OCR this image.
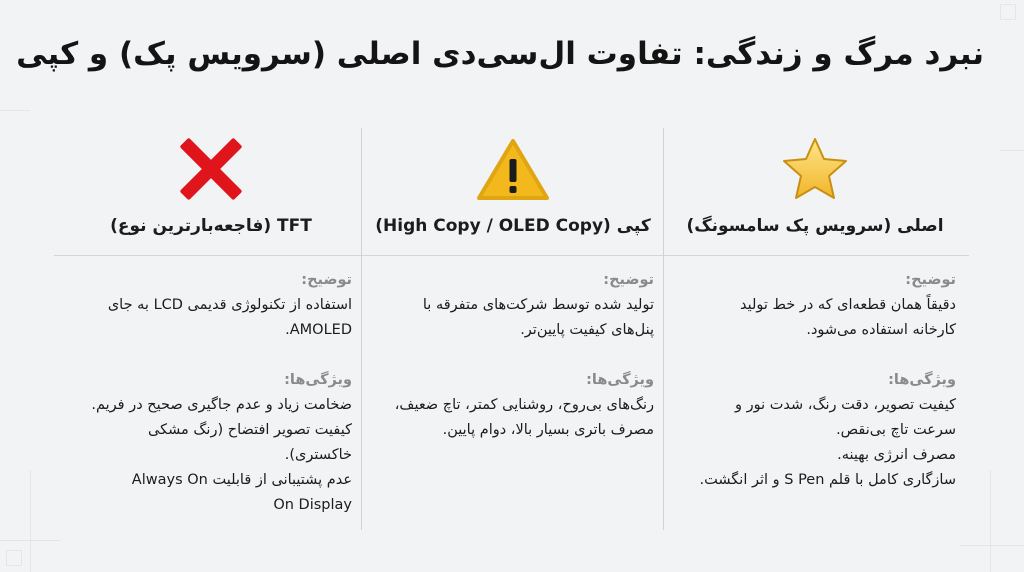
نبرد مرگ و زندگی: تفاوت ال‌سی‌دی اصلی (سرویس پک) و کپی
اصلی (سرویس پک سامسونگ)
توضیح:
دقیقاً همان قطعه‌ای که در خط تولید
کارخانه استفاده می‌شود.
ویژگی‌ها:
کیفیت تصویر، دقت رنگ، شدت نور و
سرعت تاچ بی‌نقص.
مصرف انرژی بهینه.
سازگاری کامل با قلم S Pen و اثر انگشت.
کپی (High Copy / OLED Copy)
توضیح:
تولید شده توسط شرکت‌های متفرقه با
پنل‌های کیفیت پایین‌تر.
ویژگی‌ها:
رنگ‌های بی‌روح، روشنایی کمتر، تاچ ضعیف،
مصرف باتری بسیار بالا، دوام پایین.
TFT (فاجعه‌بارترین نوع)
توضیح:
استفاده از تکنولوژی قدیمی LCD به جای
AMOLED.
ویژگی‌ها:
ضخامت زیاد و عدم جاگیری صحیح در فریم.
کیفیت تصویر افتضاح (رنگ مشکی
خاکستری).
عدم پشتیبانی از قابلیت Always On
On Display
